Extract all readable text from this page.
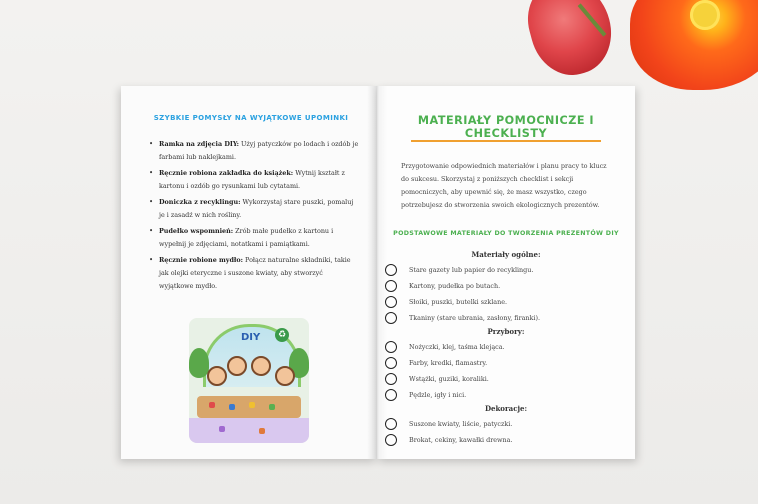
SZYBKIE POMYSŁY NA WYJĄTKOWE UPOMINKI
• Ramka na zdjęcia DIY: Użyj patyczków po lodach i ozdób je farbami lub naklejkami.
• Ręcznie robiona zakładka do książek: Wytnij kształt z kartonu i ozdób go rysunkami lub cytatami.
• Doniczka z recyklingu: Wykorzystaj stare puszki, pomaluj je i zasadź w nich rośliny.
• Pudełko wspomnień: Zrób małe pudełko z kartonu i wypełnij je zdjęciami, notatkami i pamiątkami.
• Ręcznie robione mydło: Połącz naturalne składniki, takie jak olejki eteryczne i suszone kwiaty, aby stworzyć wyjątkowe mydło.
DIY	♻
MATERIAŁY POMOCNICZE I CHECKLISTY
Przygotowanie odpowiednich materiałów i planu pracy to klucz do sukcesu. Skorzystaj z poniższych checklist i sekcji pomocniczych, aby upewnić się, że masz wszystko, czego potrzebujesz do stworzenia swoich ekologicznych prezentów.
PODSTAWOWE MATERIAŁY DO TWORZENIA PREZENTÓW DIY
Materiały ogólne:
Stare gazety lub papier do recyklingu.
Kartony, pudełka po butach.
Słoiki, puszki, butelki szklane.
Tkaniny (stare ubrania, zasłony, firanki).
Przybory:
Nożyczki, klej, taśma klejąca.
Farby, kredki, flamastry.
Wstążki, guziki, koraliki.
Pędzle, igły i nici.
Dekoracje:
Suszone kwiaty, liście, patyczki.
Brokat, cekiny, kawałki drewna.
